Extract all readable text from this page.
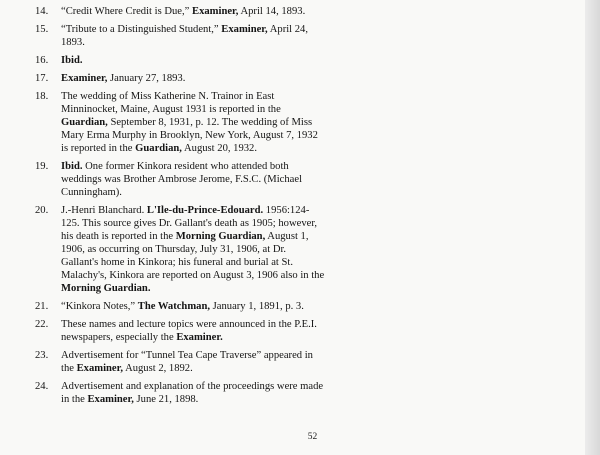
14.	“Credit Where Credit is Due,” Examiner, April 14, 1893.
15.	“Tribute to a Distinguished Student,” Examiner, April 24, 1893.
16.	Ibid.
17.	Examiner, January 27, 1893.
18.	The wedding of Miss Katherine N. Trainor in East Minninocket, Maine, August 1931 is reported in the Guardian, September 8, 1931, p. 12. The wedding of Miss Mary Erma Murphy in Brooklyn, New York, August 7, 1932 is reported in the Guardian, August 20, 1932.
19.	Ibid. One former Kinkora resident who attended both weddings was Brother Ambrose Jerome, F.S.C. (Michael Cunningham).
20.	J.-Henri Blanchard. L'Ile-du-Prince-Edouard. 1956:124-125. This source gives Dr. Gallant's death as 1905; however, his death is reported in the Morning Guardian, August 1, 1906, as occurring on Thursday, July 31, 1906, at Dr. Gallant's home in Kinkora; his funeral and burial at St. Malachy's, Kinkora are reported on August 3, 1906 also in the Morning Guardian.
21.	“Kinkora Notes,” The Watchman, January 1, 1891, p. 3.
22.	These names and lecture topics were announced in the P.E.I. newspapers, especially the Examiner.
23.	Advertisement for “Tunnel Tea Cape Traverse” appeared in the Examiner, August 2, 1892.
24.	Advertisement and explanation of the proceedings were made in the Examiner, June 21, 1898.
52
